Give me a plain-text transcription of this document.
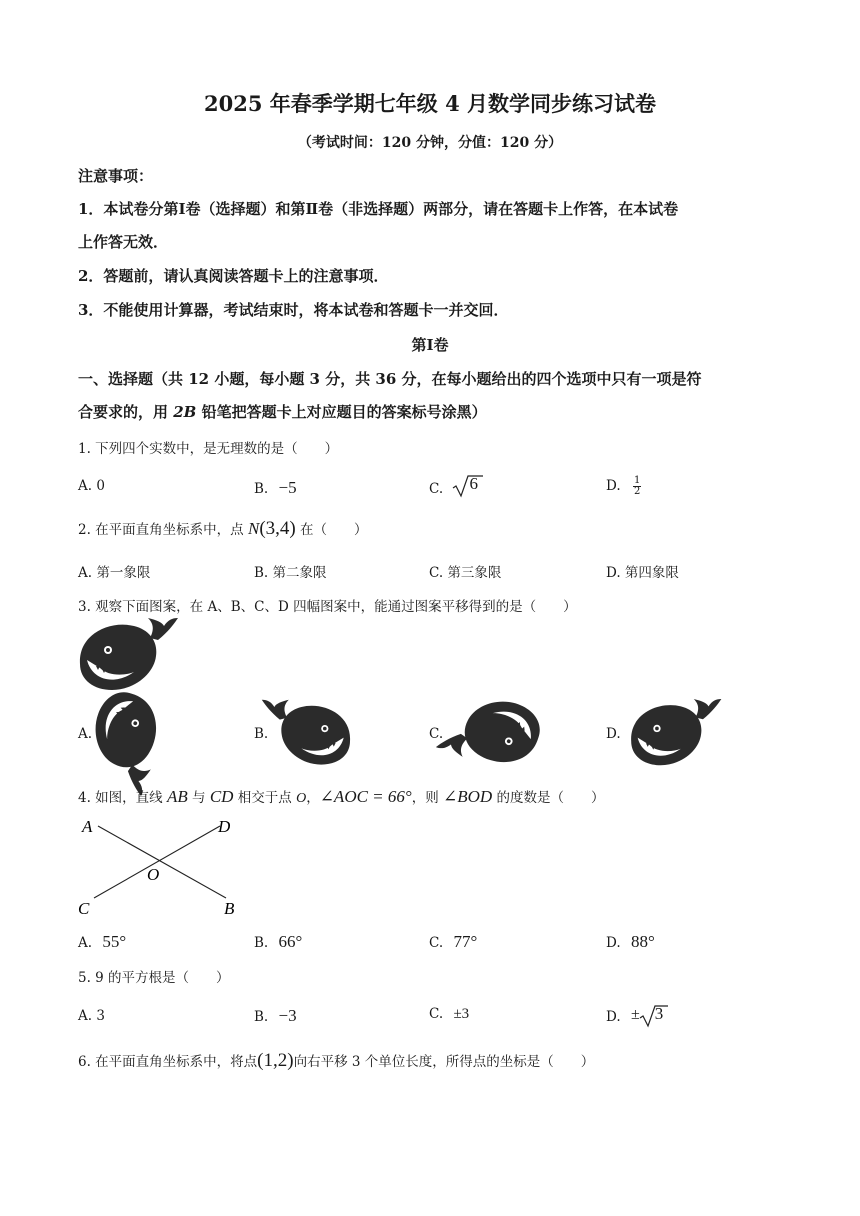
2025 年春季学期七年级 4 月数学同步练习试卷
（考试时间：120 分钟，分值：120 分）
注意事项：
1．本试卷分第Ⅰ卷（选择题）和第Ⅱ卷（非选择题）两部分，请在答题卡上作答，在本试卷
上作答无效．
2．答题前，请认真阅读答题卡上的注意事项．
3．不能使用计算器，考试结束时，将本试卷和答题卡一并交回．
第Ⅰ卷
一、选择题（共 12 小题，每小题 3 分，共 36 分，在每小题给出的四个选项中只有一项是符
合要求的，用 2B 铅笔把答题卡上对应题目的答案标号涂黑）
1. 下列四个实数中，是无理数的是（　　）
A. 0	B. −5	C. 6	D. $\frac{1}{2}$
2. 在平面直角坐标系中，点 N(3,4) 在（　　）
A. 第一象限	B. 第二象限	C. 第三象限	D. 第四象限
3. 观察下面图案，在 A、B、C、D 四幅图案中，能通过图案平移得到的是（　　）
A.	B.	C.	D.
4. 如图，直线 AB 与 CD 相交于点 O，∠AOC = 66°，则 ∠BOD 的度数是（　　）
A	D
O
C	B
A. 55°	B. 66°	C. 77°	D. 88°
5. 9 的平方根是（　　）
A. 3	B. −3	C. ±3	D. ± 3
6. 在平面直角坐标系中，将点(1,2)向右平移 3 个单位长度，所得点的坐标是（　　）
